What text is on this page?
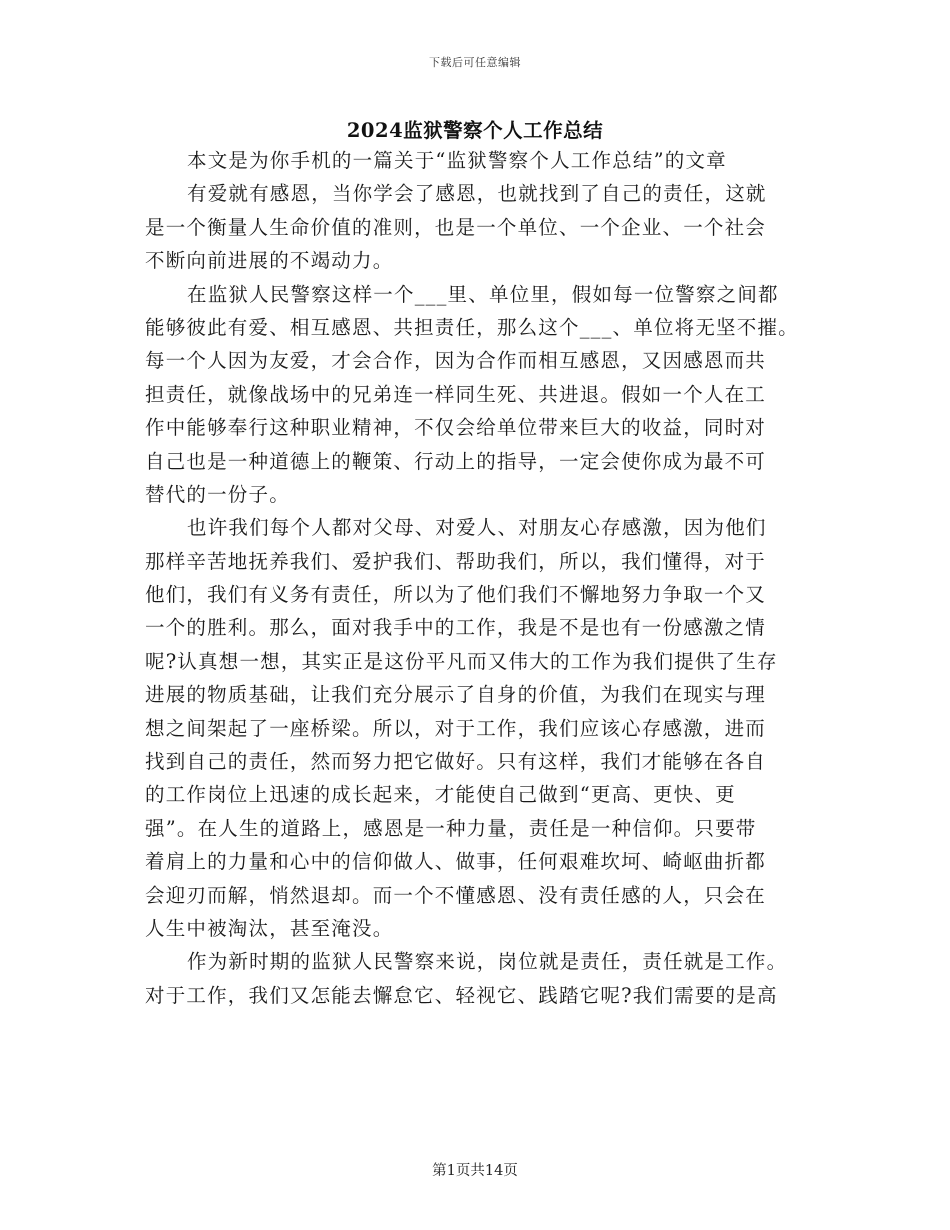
下载后可任意编辑
2024监狱警察个人工作总结
本文是为你手机的一篇关于“监狱警察个人工作总结”的文章
有爱就有感恩，当你学会了感恩，也就找到了自己的责任，这就
是一个衡量人生命价值的准则，也是一个单位、一个企业、一个社会
不断向前进展的不竭动力。
在监狱人民警察这样一个___里、单位里，假如每一位警察之间都
能够彼此有爱、相互感恩、共担责任，那么这个___、单位将无坚不摧。
每一个人因为友爱，才会合作，因为合作而相互感恩，又因感恩而共
担责任，就像战场中的兄弟连一样同生死、共进退。假如一个人在工
作中能够奉行这种职业精神，不仅会给单位带来巨大的收益，同时对
自己也是一种道德上的鞭策、行动上的指导，一定会使你成为最不可
替代的一份子。
也许我们每个人都对父母、对爱人、对朋友心存感激，因为他们
那样辛苦地抚养我们、爱护我们、帮助我们，所以，我们懂得，对于
他们，我们有义务有责任，所以为了他们我们不懈地努力争取一个又
一个的胜利。那么，面对我手中的工作，我是不是也有一份感激之情
呢?认真想一想，其实正是这份平凡而又伟大的工作为我们提供了生存
进展的物质基础，让我们充分展示了自身的价值，为我们在现实与理
想之间架起了一座桥梁。所以，对于工作，我们应该心存感激，进而
找到自己的责任，然而努力把它做好。只有这样，我们才能够在各自
的工作岗位上迅速的成长起来，才能使自己做到“更高、更快、更
强”。在人生的道路上，感恩是一种力量，责任是一种信仰。只要带
着肩上的力量和心中的信仰做人、做事，任何艰难坎坷、崎岖曲折都
会迎刃而解，悄然退却。而一个不懂感恩、没有责任感的人，只会在
人生中被淘汰，甚至淹没。
作为新时期的监狱人民警察来说，岗位就是责任，责任就是工作。
对于工作，我们又怎能去懈怠它、轻视它、践踏它呢?我们需要的是高
第1页共14页
